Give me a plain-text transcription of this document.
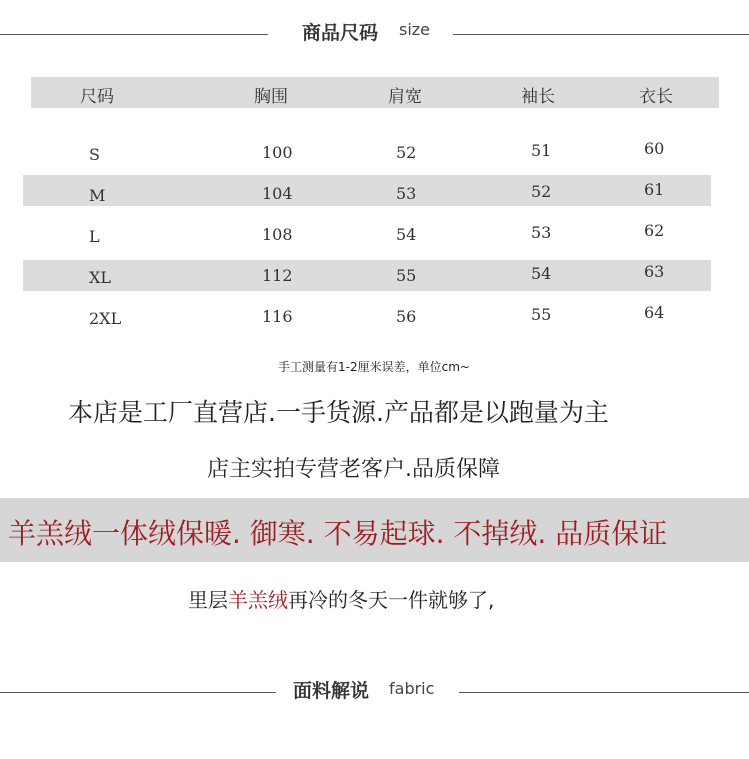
商品尺码 size
尺码	胸围	肩宽	袖长	衣长
S	100	52	51	60
M	104	53	52	61
L	108	54	53	62
XL	112	55	54	63
2XL	116	56	55	64
手工测量有1-2厘米误差，单位cm~
本店是工厂直营店.一手货源.产品都是以跑量为主
店主实拍专营老客户.品质保障
羊羔绒一体绒保暖. 御寒. 不易起球. 不掉绒. 品质保证
里层羊羔绒再冷的冬天一件就够了,
面料解说 fabric
